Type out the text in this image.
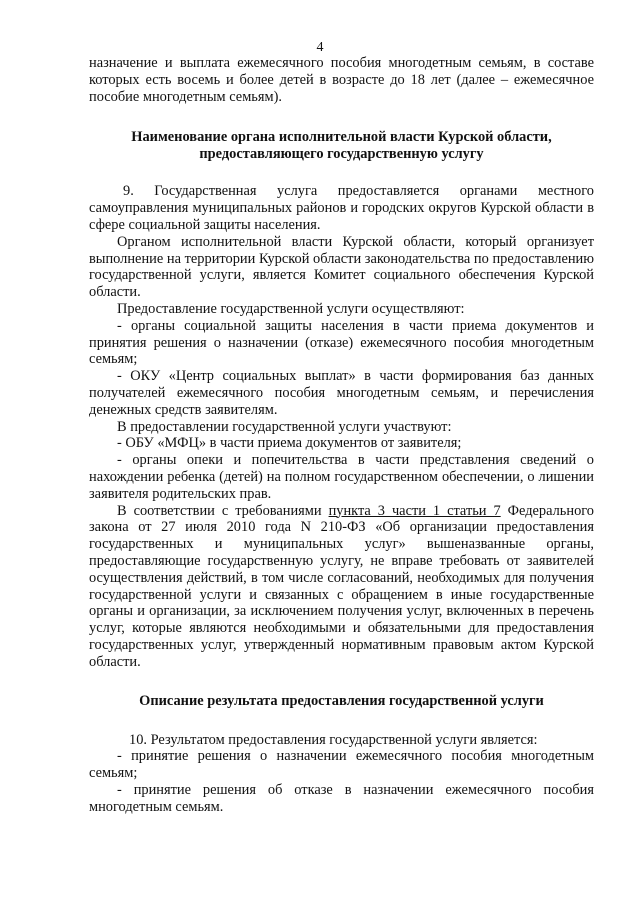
4

назначение и выплата ежемесячного пособия многодетным семьям, в составе которых есть восемь и более детей в возрасте до 18 лет (далее – ежемесячное пособие многодетным семьям).

Наименование органа исполнительной власти Курской области,

предоставляющего государственную услугу

9. Государственная услуга предоставляется органами местного самоуправления муниципальных районов и городских округов Курской области в сфере социальной защиты населения.

Органом исполнительной власти Курской области, который организует выполнение на территории Курской области законодательства по предоставлению государственной услуги, является Комитет социального обеспечения Курской области.

Предоставление государственной услуги осуществляют:

- органы социальной защиты населения в части приема документов и принятия решения о назначении (отказе) ежемесячного пособия многодетным семьям;

- ОКУ «Центр социальных выплат» в части формирования баз данных получателей ежемесячного пособия многодетным семьям, и перечисления денежных средств заявителям.

В предоставлении государственной услуги участвуют:

- ОБУ «МФЦ» в части приема документов от заявителя;

- органы опеки и попечительства в части представления сведений о нахождении ребенка (детей) на полном государственном обеспечении, о лишении заявителя родительских прав.

В соответствии с требованиями пункта 3 части 1 статьи 7 Федерального закона от 27 июля 2010 года N 210-ФЗ «Об организации предоставления государственных и муниципальных услуг» вышеназванные органы, предоставляющие государственную услугу, не вправе требовать от заявителей осуществления действий, в том числе согласований, необходимых для получения государственной услуги и связанных с обращением в иные государственные органы и организации, за исключением получения услуг, включенных в перечень услуг, которые являются необходимыми и обязательными для предоставления государственных услуг, утвержденный нормативным правовым актом Курской области.

Описание результата предоставления государственной услуги

10. Результатом предоставления государственной услуги является:

- принятие решения о назначении ежемесячного пособия многодетным семьям;

- принятие решения об отказе в назначении ежемесячного пособия многодетным семьям.
